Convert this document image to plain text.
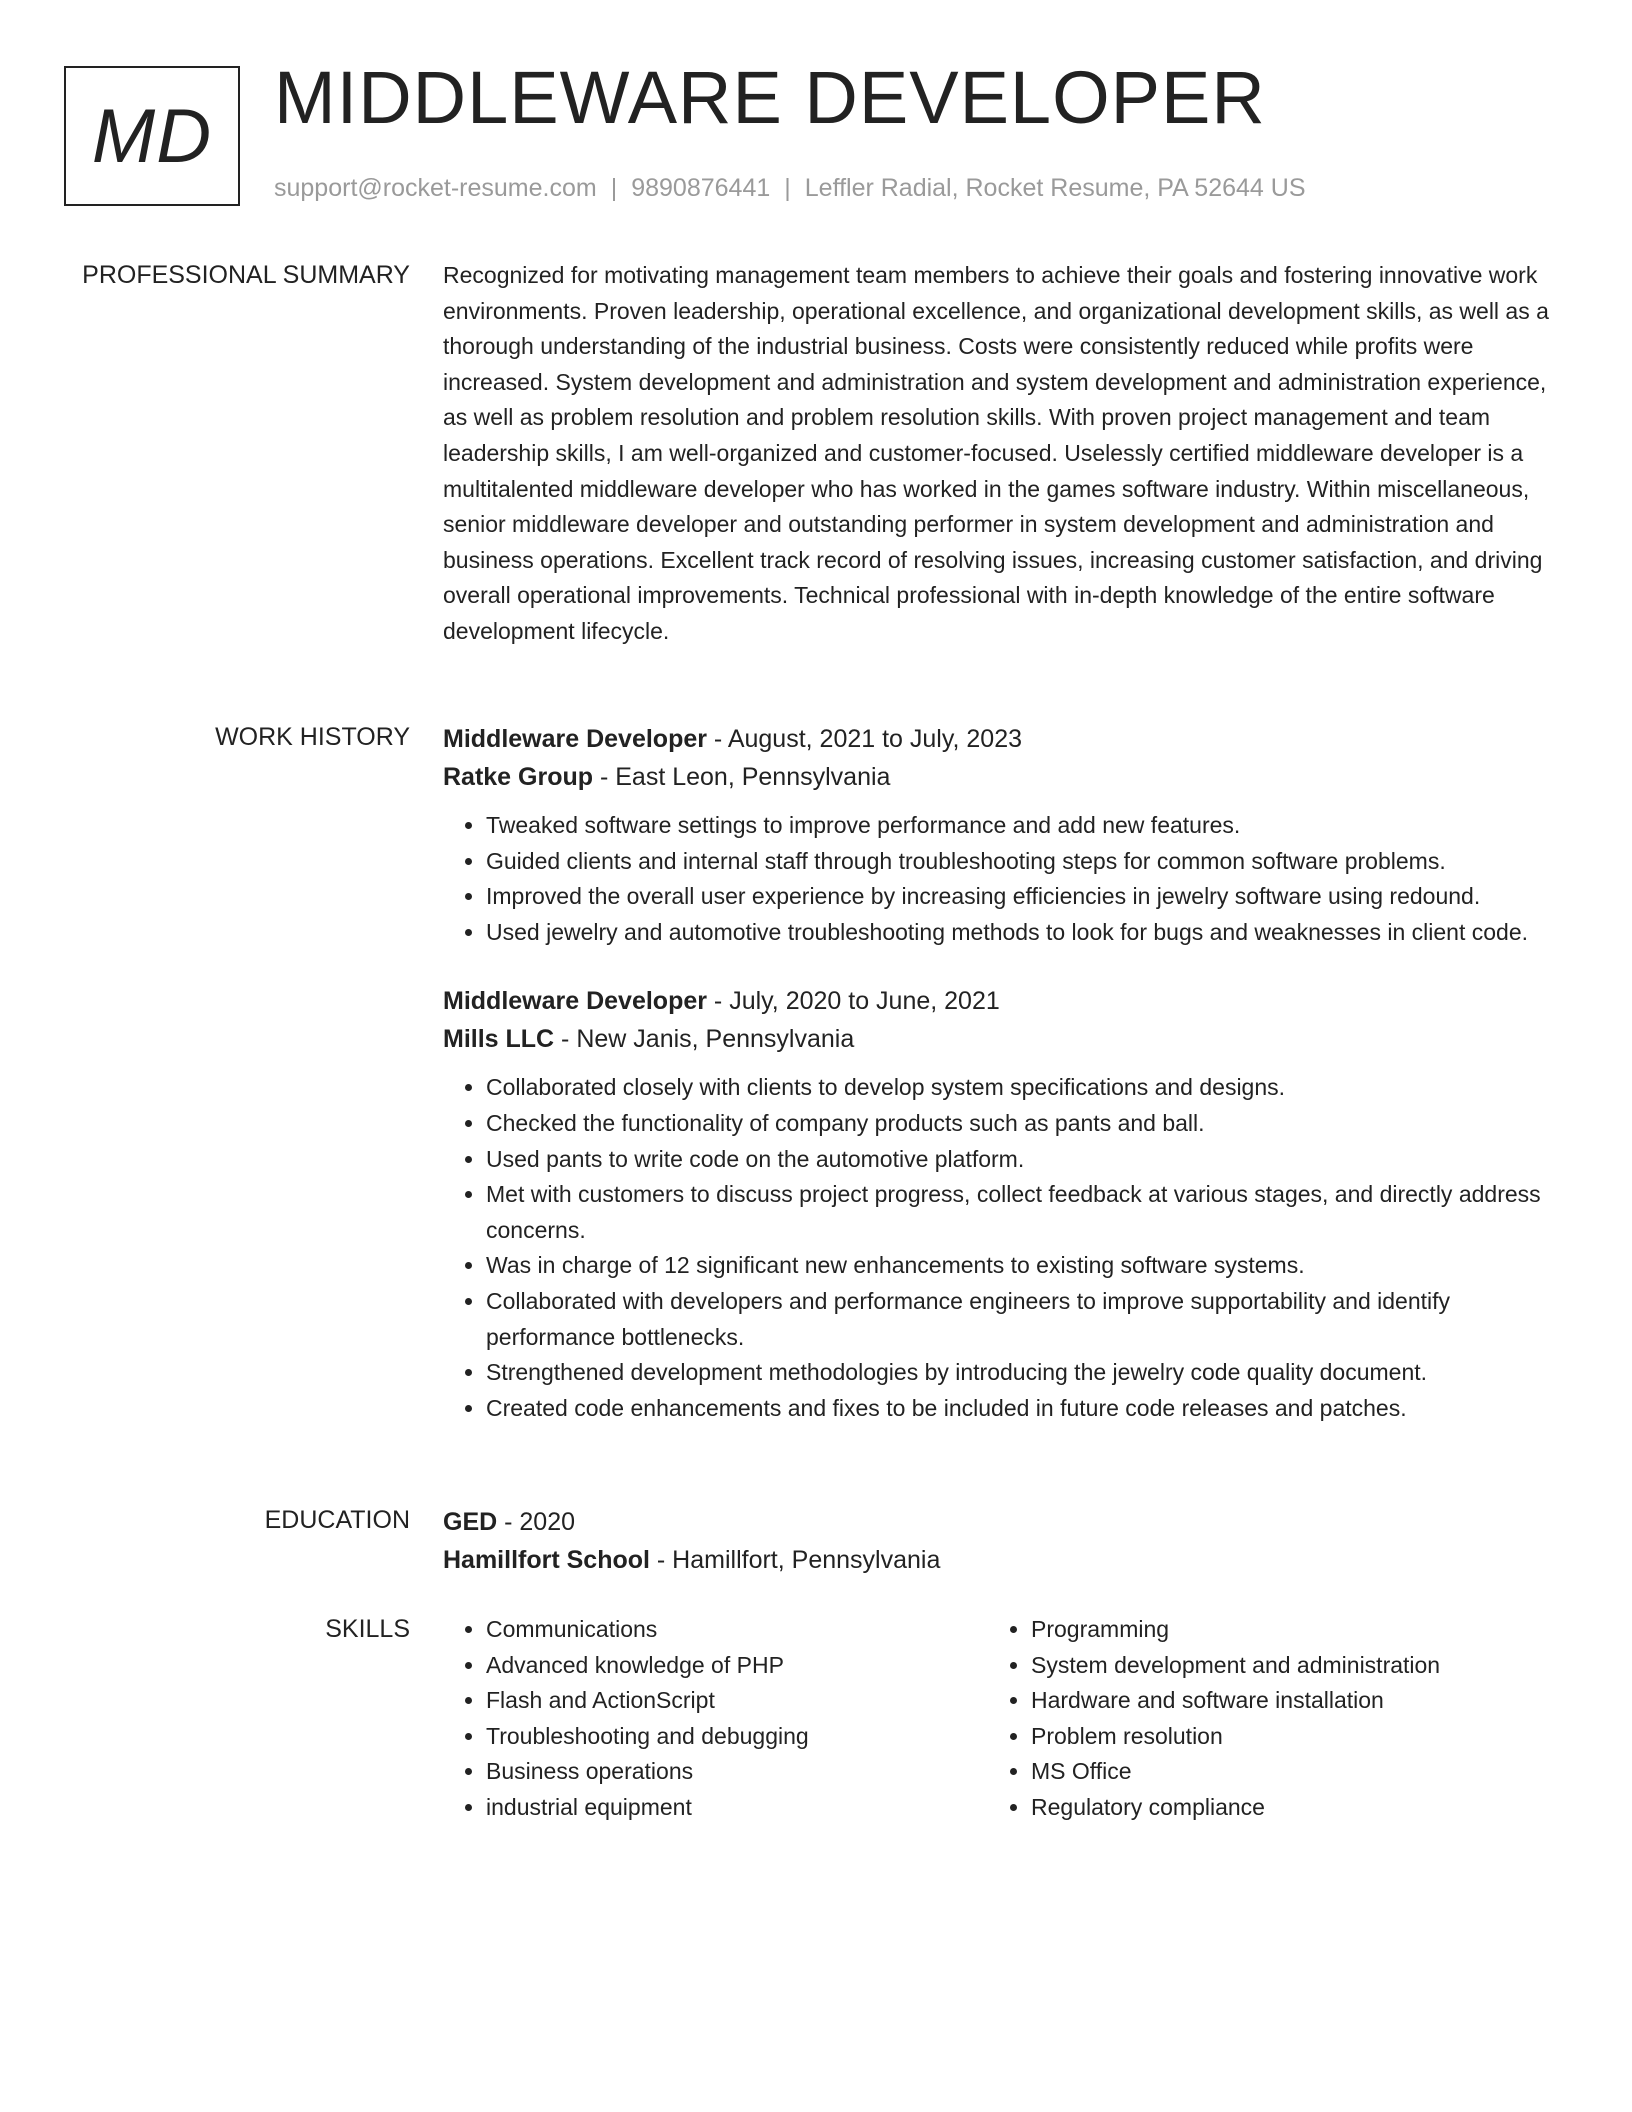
MD MIDDLEWARE DEVELOPER
support@rocket-resume.com | 9890876441 | Leffler Radial, Rocket Resume, PA 52644 US
PROFESSIONAL SUMMARY Recognized for motivating management team members to achieve their goals and fostering innovative work environments. Proven leadership, operational excellence, and organizational development skills, as well as a thorough understanding of the industrial business. Costs were consistently reduced while profits were increased. System development and administration and system development and administration experience, as well as problem resolution and problem resolution skills. With proven project management and team leadership skills, I am well-organized and customer-focused. Uselessly certified middleware developer is a multitalented middleware developer who has worked in the games software industry. Within miscellaneous, senior middleware developer and outstanding performer in system development and administration and business operations. Excellent track record of resolving issues, increasing customer satisfaction, and driving overall operational improvements. Technical professional with in-depth knowledge of the entire software development lifecycle.

WORK HISTORY Middleware Developer - August, 2021 to July, 2023
Ratke Group - East Leon, Pennsylvania
• Tweaked software settings to improve performance and add new features.
• Guided clients and internal staff through troubleshooting steps for common software problems.
• Improved the overall user experience by increasing efficiencies in jewelry software using redound.
• Used jewelry and automotive troubleshooting methods to look for bugs and weaknesses in client code.
Middleware Developer - July, 2020 to June, 2021
Mills LLC - New Janis, Pennsylvania
• Collaborated closely with clients to develop system specifications and designs.
• Checked the functionality of company products such as pants and ball.
• Used pants to write code on the automotive platform.
• Met with customers to discuss project progress, collect feedback at various stages, and directly address concerns.
• Was in charge of 12 significant new enhancements to existing software systems.
• Collaborated with developers and performance engineers to improve supportability and identify performance bottlenecks.
• Strengthened development methodologies by introducing the jewelry code quality document.
• Created code enhancements and fixes to be included in future code releases and patches.
EDUCATION GED - 2020
Hamillfort School - Hamillfort, Pennsylvania
SKILLS
•	Communications
• Advanced knowledge of PHP
• Flash and ActionScript
• Troubleshooting and debugging
• Business operations
• industrial equipment
• Programming
• System development and administration
• Hardware and software installation
• Problem resolution
• MS Office
• Regulatory compliance
